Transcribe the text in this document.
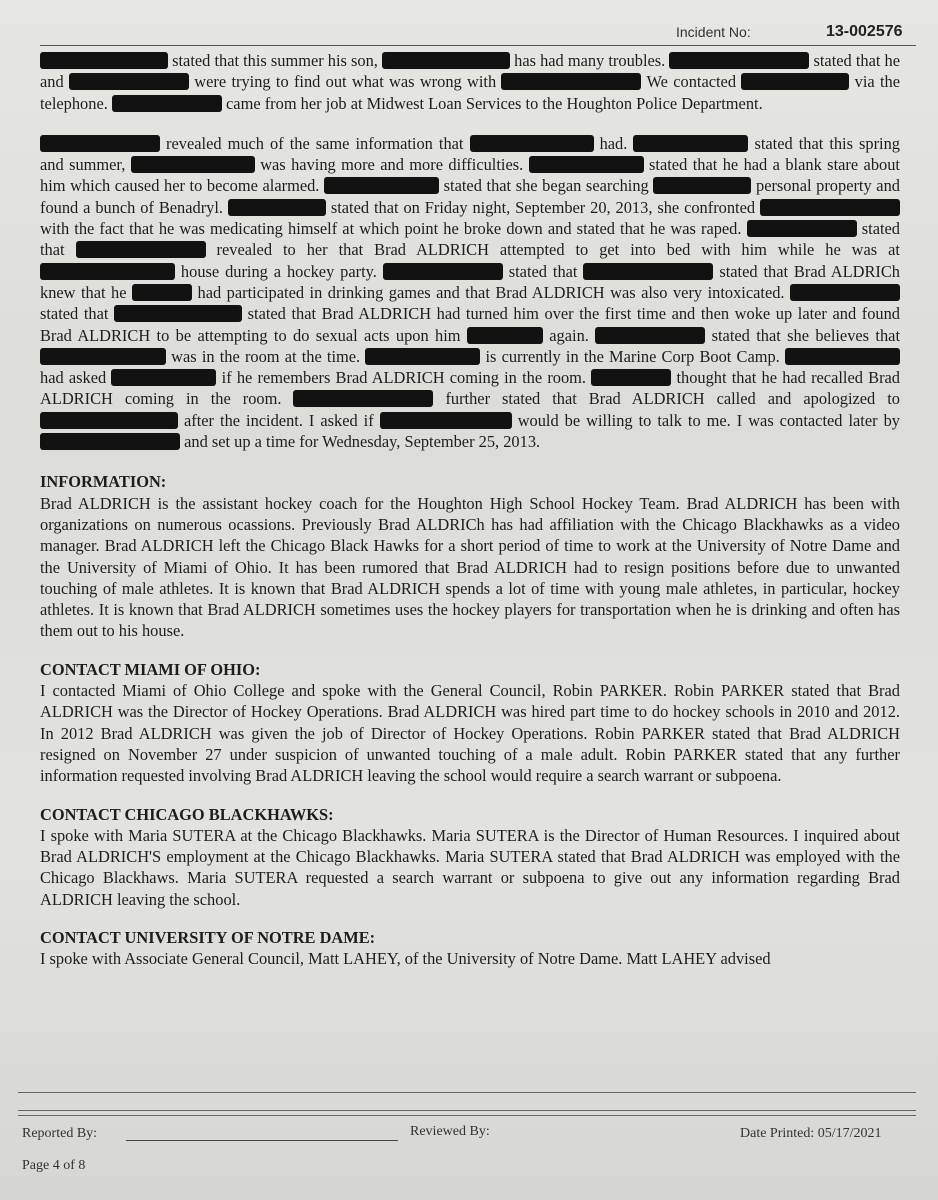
Incident No:	13-002576

stated that this summer his son,	has had many troubles.	stated that he and	were trying to find out what was wrong with	We contacted	via the telephone.	came from her job at Midwest Loan Services to the Houghton Police Department.

revealed much of the same information that	had.	stated that this spring and summer,	was having more and more difficulties.	stated that he had a blank stare about him which caused her to become alarmed.	stated that she began searching	personal property and found a bunch of Benadryl.	stated that on Friday night, September 20, 2013, she confronted  with the fact that he was medicating himself at which point he broke down and stated that he was raped.	stated that	revealed to her that Brad ALDRICH attempted to get into bed with him while he was at  house during a hockey party.	stated that	stated that Brad ALDRICh knew that he	had participated in drinking games and that Brad ALDRICH was also very intoxicated.  stated that	stated that Brad ALDRICH had turned him over the first time and then woke up later and found Brad ALDRICH to be attempting to do sexual acts upon him	again.	stated that she believes that  was in the room at the time.	is currently in the Marine Corp Boot Camp.  had asked	if he remembers Brad ALDRICH coming in the room.	thought that he had recalled Brad ALDRICH coming in the room.	further stated that Brad ALDRICH called and apologized to  after the incident. I asked if	would be willing to talk to me. I was contacted later by  and set up a time for Wednesday, September 25, 2013.

INFORMATION:
Brad ALDRICH is the assistant hockey coach for the Houghton High School Hockey Team. Brad ALDRICH has been with organizations on numerous ocassions. Previously Brad ALDRICh has had affiliation with the Chicago Blackhawks as a video manager. Brad ALDRICH left the Chicago Black Hawks for a short period of time to work at the University of Notre Dame and the University of Miami of Ohio. It has been rumored that Brad ALDRICH had to resign positions before due to unwanted touching of male athletes. It is known that Brad ALDRICH spends a lot of time with young male athletes, in particular, hockey athletes. It is known that Brad ALDRICH sometimes uses the hockey players for transportation when he is drinking and often has them out to his house.
CONTACT MIAMI OF OHIO:
I contacted Miami of Ohio College and spoke with the General Council, Robin PARKER. Robin PARKER stated that Brad ALDRICH was the Director of Hockey Operations. Brad ALDRICH was hired part time to do hockey schools in 2010 and 2012. In 2012 Brad ALDRICH was given the job of Director of Hockey Operations. Robin PARKER stated that Brad ALDRICH resigned on November 27 under suspicion of unwanted touching of a male adult. Robin PARKER stated that any further information requested involving Brad ALDRICH leaving the school would require a search warrant or subpoena.
CONTACT CHICAGO BLACKHAWKS:
I spoke with Maria SUTERA at the Chicago Blackhawks. Maria SUTERA is the Director of Human Resources. I inquired about Brad ALDRICH'S employment at the Chicago Blackhawks. Maria SUTERA stated that Brad ALDRICH was employed with the Chicago Blackhaws. Maria SUTERA requested a search warrant or subpoena to give out any information regarding Brad ALDRICH leaving the school.
CONTACT UNIVERSITY OF NOTRE DAME:
I spoke with Associate General Council, Matt LAHEY, of the University of Notre Dame. Matt LAHEY advised
Reported By:	Reviewed By:	Date Printed: 05/17/2021
Page 4 of 8
